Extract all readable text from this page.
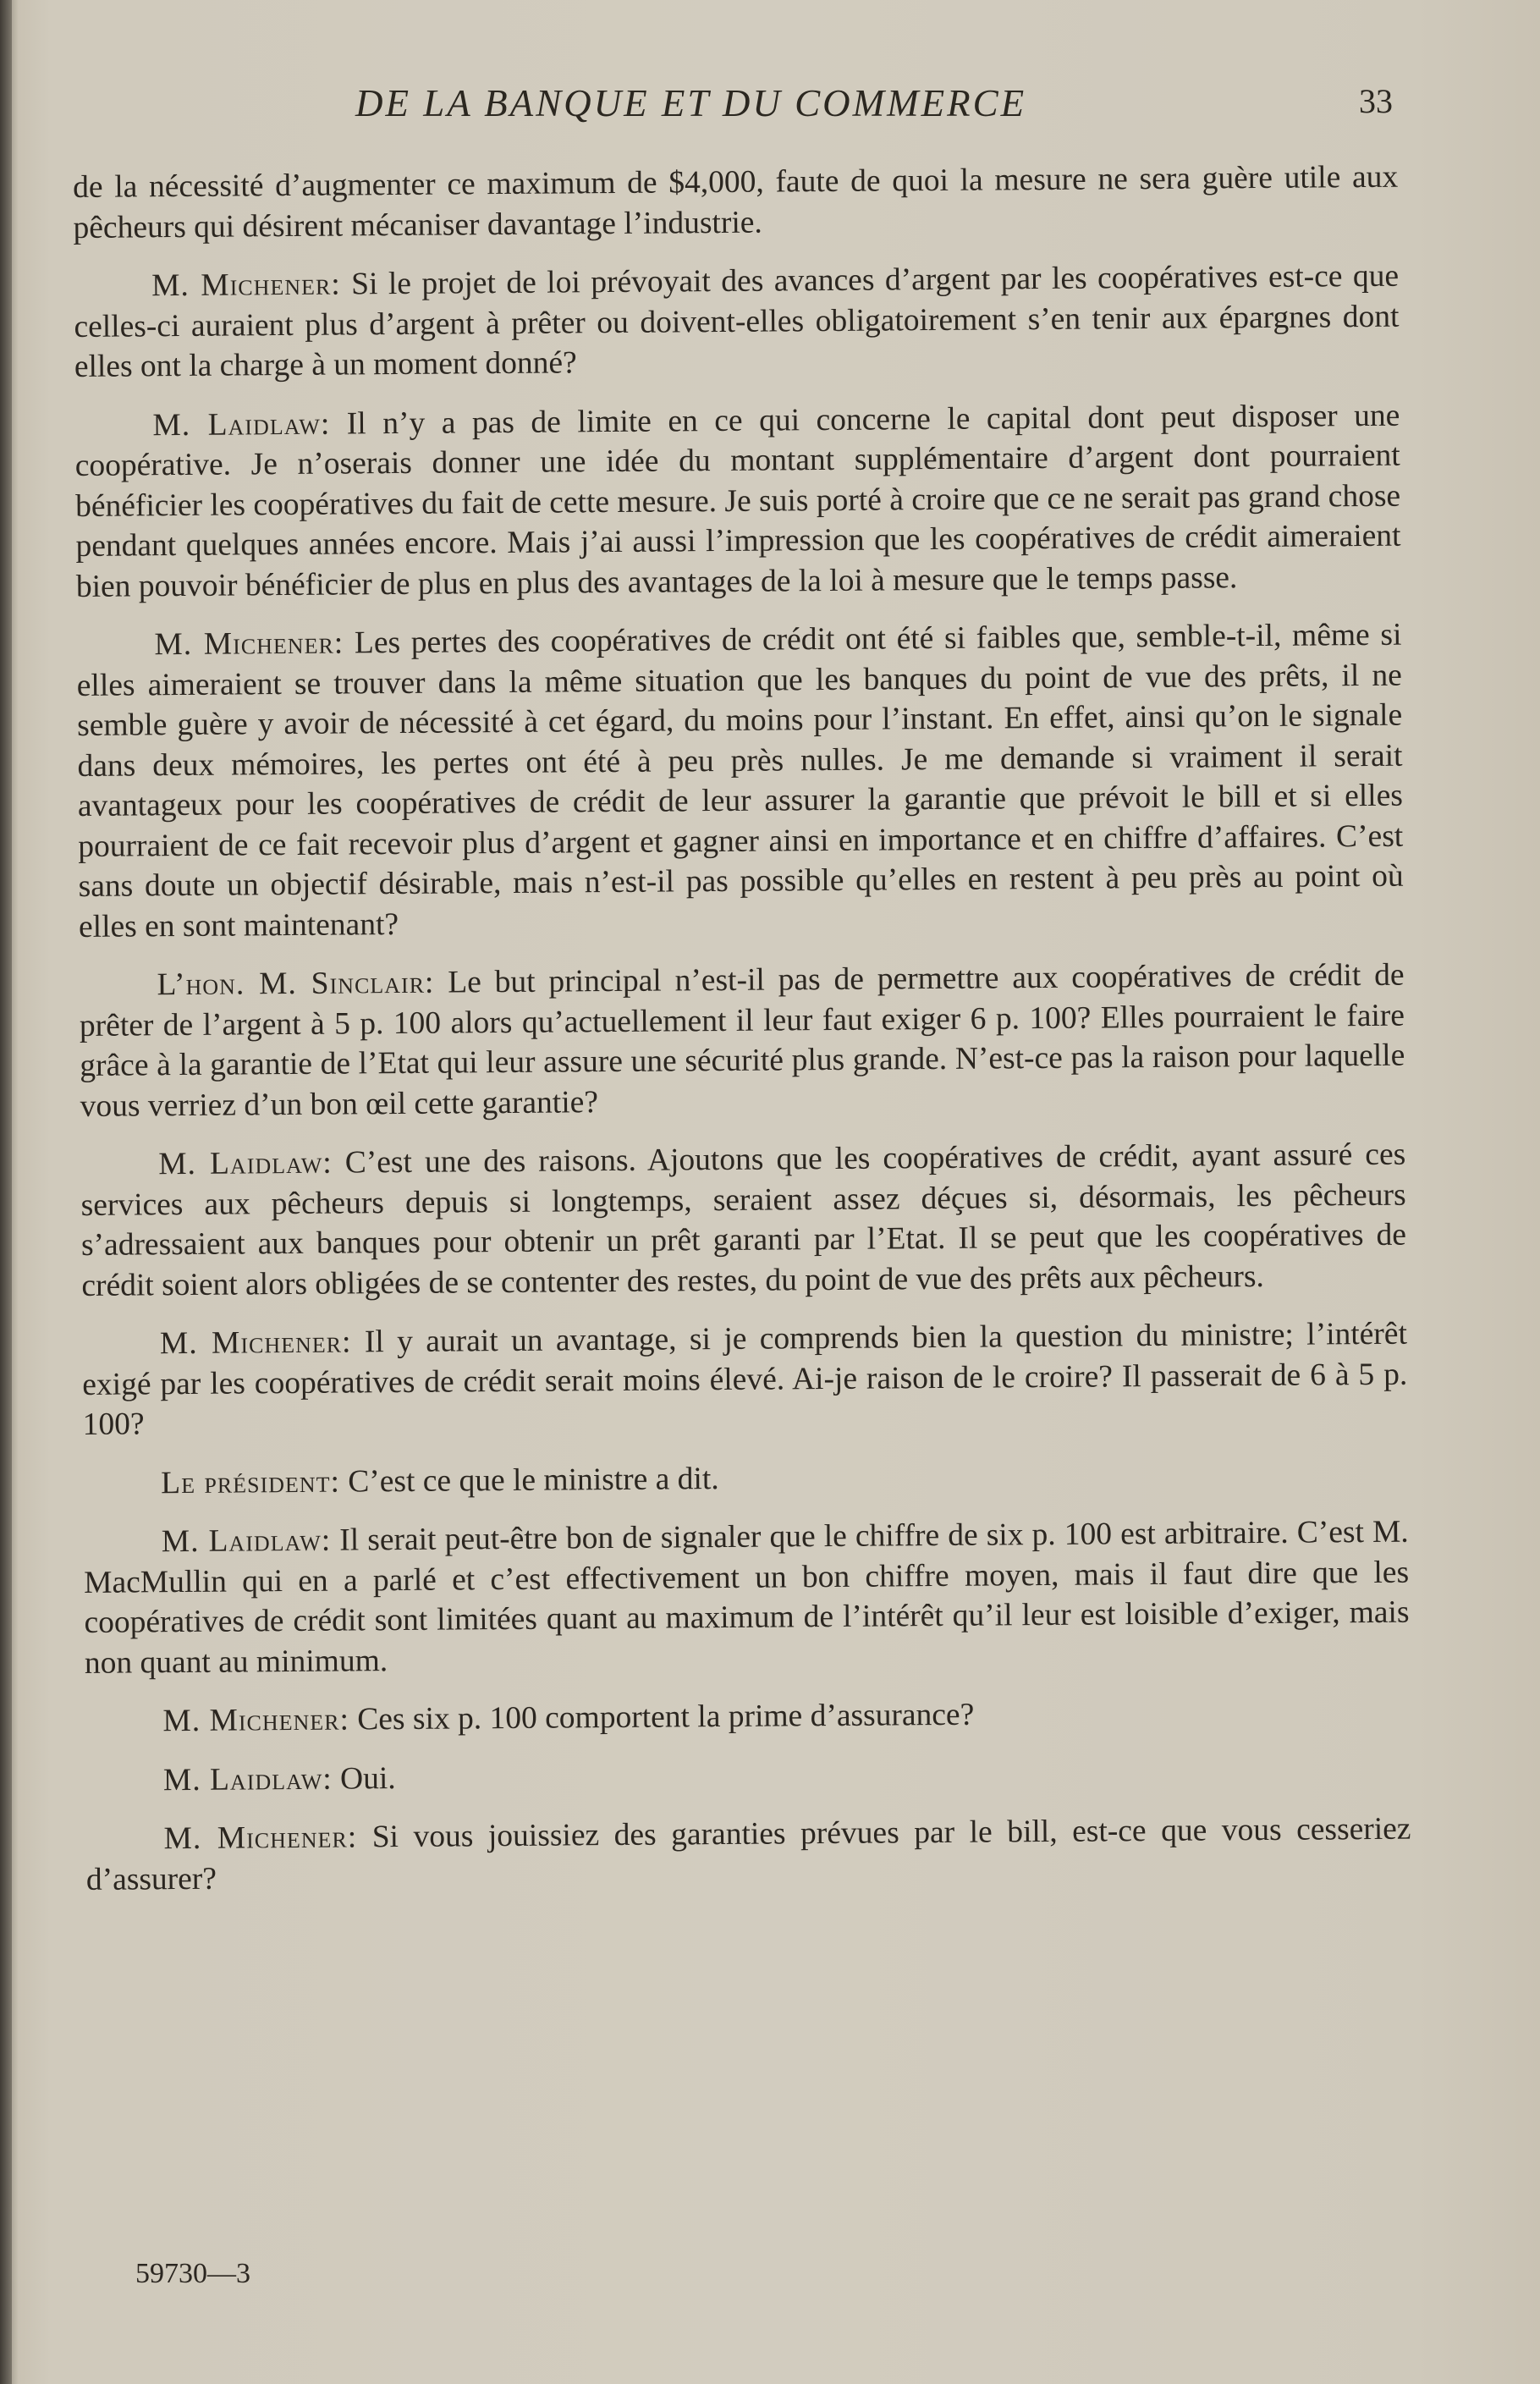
DE LA BANQUE ET DU COMMERCE	33

de la nécessité d’augmenter ce maximum de $4,000, faute de quoi la mesure ne sera guère utile aux pêcheurs qui désirent mécaniser davantage l’industrie.

M. Michener: Si le projet de loi prévoyait des avances d’argent par les coopératives est-ce que celles-ci auraient plus d’argent à prêter ou doivent-elles obligatoirement s’en tenir aux épargnes dont elles ont la charge à un moment donné?

M. Laidlaw: Il n’y a pas de limite en ce qui concerne le capital dont peut disposer une coopérative. Je n’oserais donner une idée du montant supplémentaire d’argent dont pourraient bénéficier les coopératives du fait de cette mesure. Je suis porté à croire que ce ne serait pas grand chose pendant quelques années encore. Mais j’ai aussi l’impression que les coopératives de crédit aimeraient bien pouvoir bénéficier de plus en plus des avantages de la loi à mesure que le temps passe.

M. Michener: Les pertes des coopératives de crédit ont été si faibles que, semble-t-il, même si elles aimeraient se trouver dans la même situation que les banques du point de vue des prêts, il ne semble guère y avoir de nécessité à cet égard, du moins pour l’instant. En effet, ainsi qu’on le signale dans deux mémoires, les pertes ont été à peu près nulles. Je me demande si vraiment il serait avantageux pour les coopératives de crédit de leur assurer la garantie que prévoit le bill et si elles pourraient de ce fait recevoir plus d’argent et gagner ainsi en importance et en chiffre d’affaires. C’est sans doute un objectif désirable, mais n’est-il pas possible qu’elles en restent à peu près au point où elles en sont maintenant?

L’hon. M. Sinclair: Le but principal n’est-il pas de permettre aux coopératives de crédit de prêter de l’argent à 5 p. 100 alors qu’actuellement il leur faut exiger 6 p. 100? Elles pourraient le faire grâce à la garantie de l’Etat qui leur assure une sécurité plus grande. N’est-ce pas la raison pour laquelle vous verriez d’un bon œil cette garantie?

M. Laidlaw: C’est une des raisons. Ajoutons que les coopératives de crédit, ayant assuré ces services aux pêcheurs depuis si longtemps, seraient assez déçues si, désormais, les pêcheurs s’adressaient aux banques pour obtenir un prêt garanti par l’Etat. Il se peut que les coopératives de crédit soient alors obligées de se contenter des restes, du point de vue des prêts aux pêcheurs.

M. Michener: Il y aurait un avantage, si je comprends bien la question du ministre; l’intérêt exigé par les coopératives de crédit serait moins élevé. Ai-je raison de le croire? Il passerait de 6 à 5 p. 100?

Le président: C’est ce que le ministre a dit.

M. Laidlaw: Il serait peut-être bon de signaler que le chiffre de six p. 100 est arbitraire. C’est M. MacMullin qui en a parlé et c’est effectivement un bon chiffre moyen, mais il faut dire que les coopératives de crédit sont limitées quant au maximum de l’intérêt qu’il leur est loisible d’exiger, mais non quant au minimum.

M. Michener: Ces six p. 100 comportent la prime d’assurance?

M. Laidlaw: Oui.

M. Michener: Si vous jouissiez des garanties prévues par le bill, est-ce que vous cesseriez d’assurer?

59730—3
